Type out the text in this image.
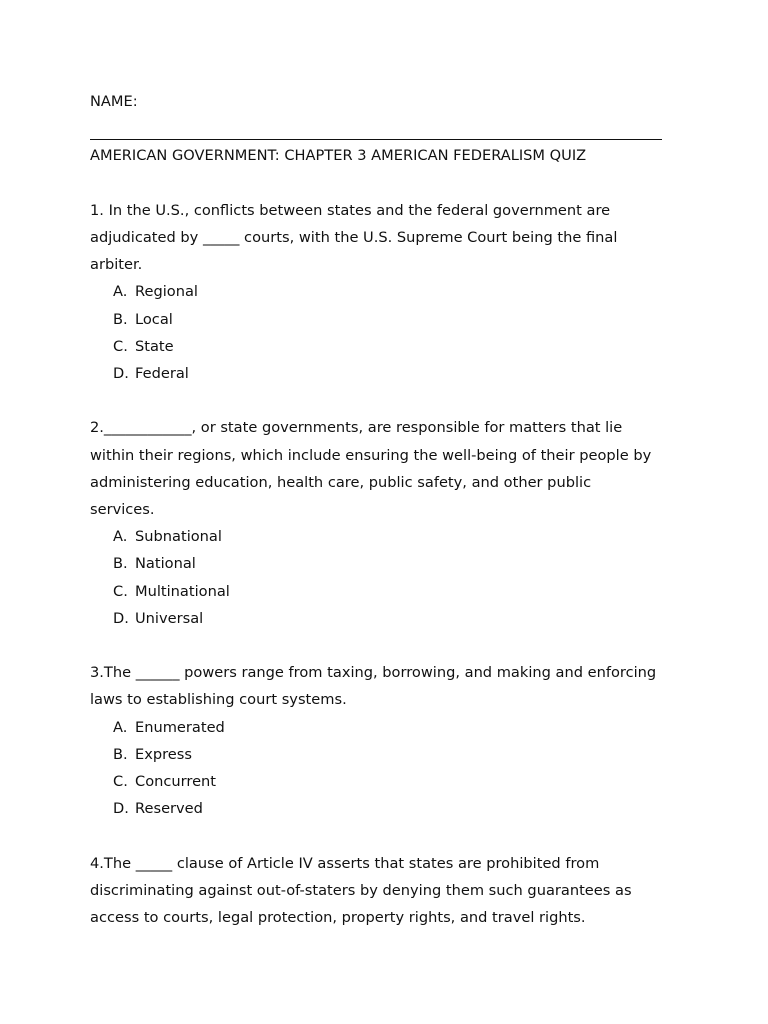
NAME:
AMERICAN GOVERNMENT: CHAPTER 3 AMERICAN FEDERALISM QUIZ
1. In the U.S., conflicts between states and the federal government are
adjudicated by _____ courts, with the U.S. Supreme Court being the final
arbiter.
A. Regional
B. Local
C. State
D. Federal
2.____________, or state governments, are responsible for matters that lie
within their regions, which include ensuring the well-being of their people by
administering education, health care, public safety, and other public
services.
A. Subnational
B. National
C. Multinational
D. Universal
3.The ______ powers range from taxing, borrowing, and making and enforcing
laws to establishing court systems.
A. Enumerated
B. Express
C. Concurrent
D. Reserved
4.The _____ clause of Article IV asserts that states are prohibited from
discriminating against out-of-staters by denying them such guarantees as
access to courts, legal protection, property rights, and travel rights.
